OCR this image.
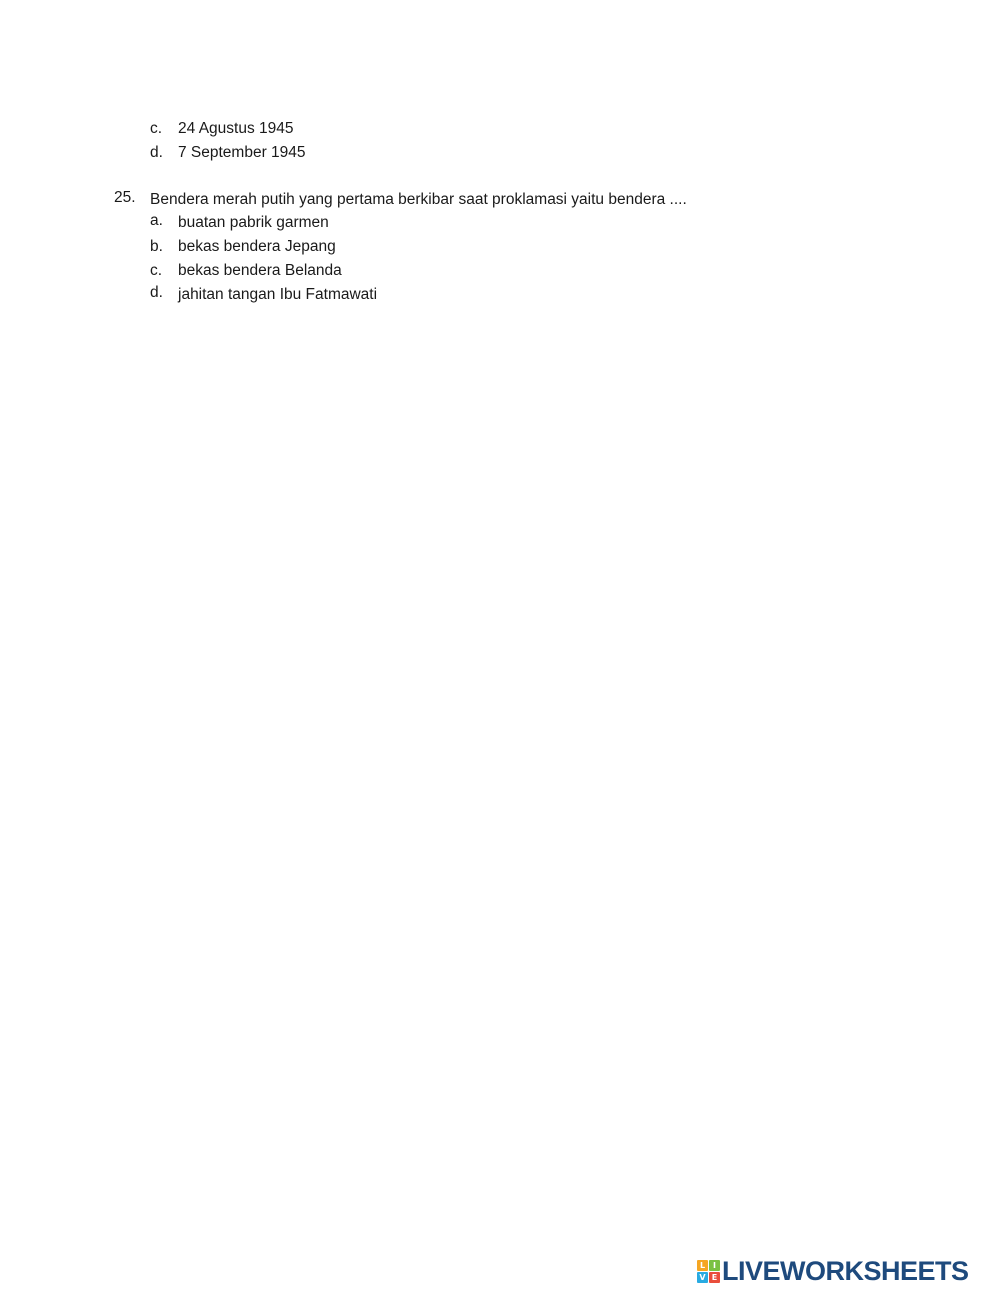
c. 24 Agustus 1945
d. 7 September 1945
25. Bendera merah putih yang pertama berkibar saat proklamasi yaitu bendera ....
a. buatan pabrik garmen
b. bekas bendera Jepang
c. bekas bendera Belanda
d. jahitan tangan Ibu Fatmawati
L I
V E LIVEWORKSHEETS
